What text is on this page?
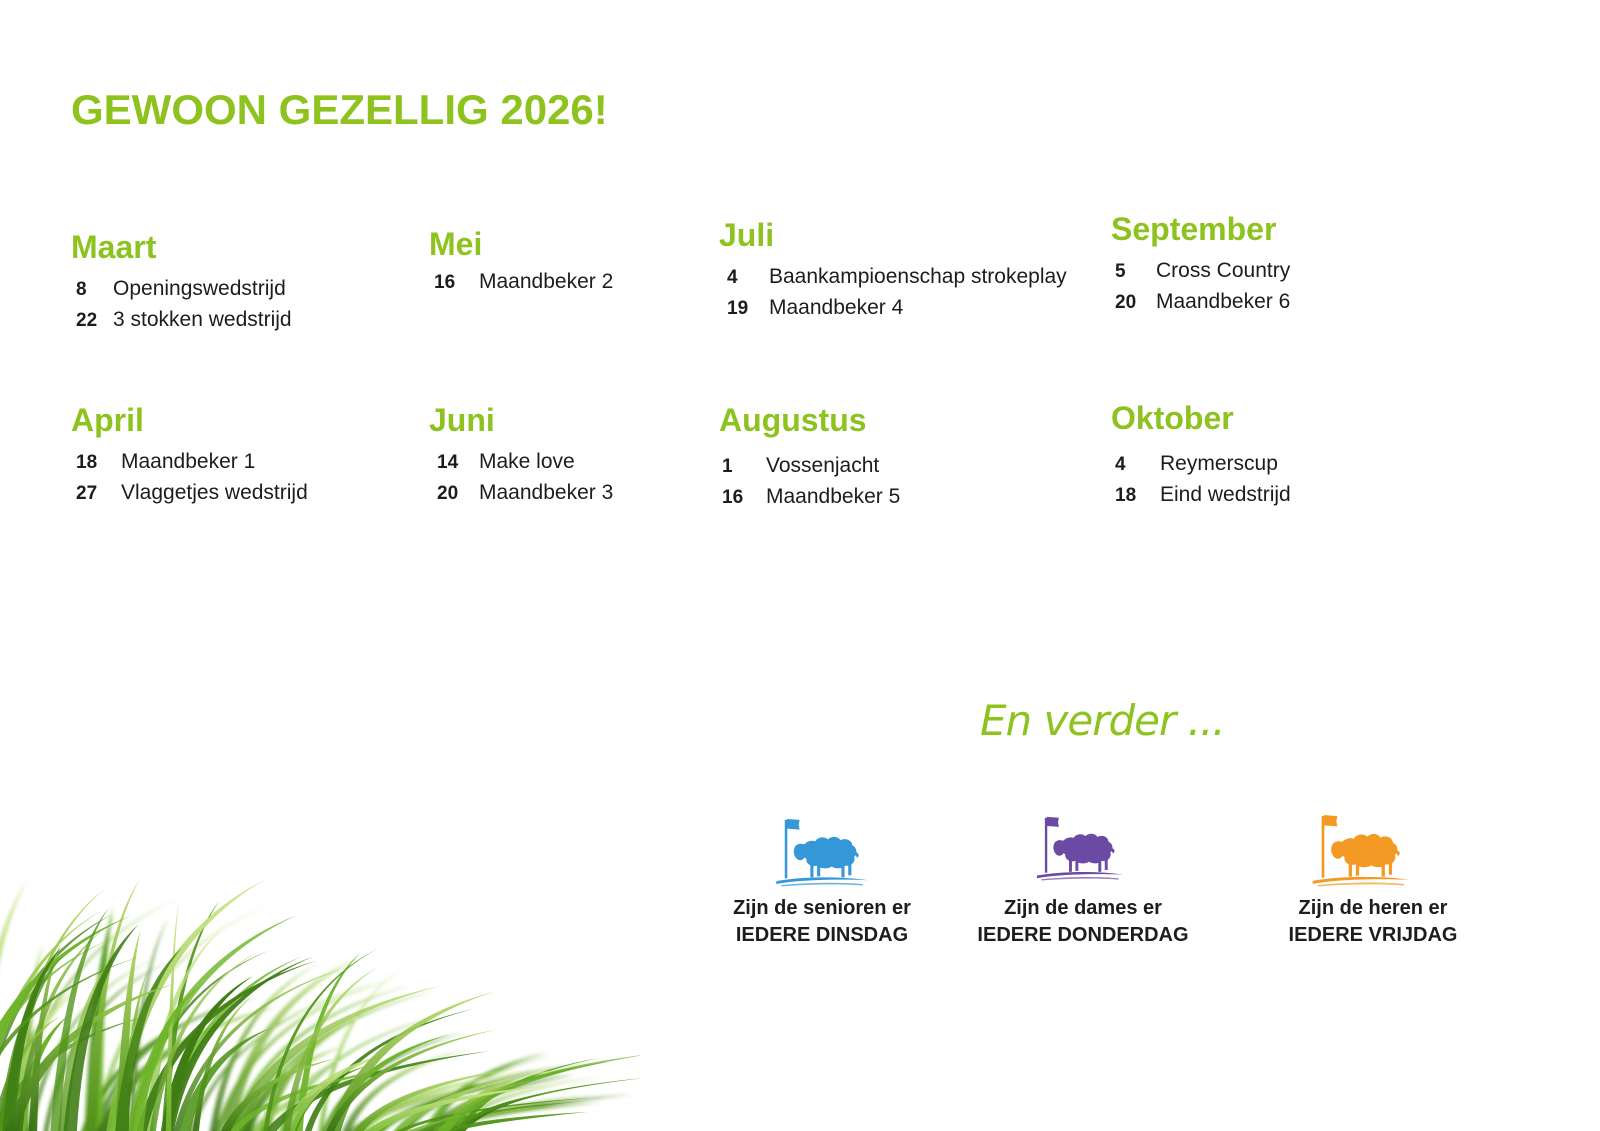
GEWOON GEZELLIG 2026!
Maart
8	Openingswedstrijd
22 3 stokken wedstrijd
April
18	Maandbeker 1
27	Vlaggetjes wedstrijd
Mei
16	Maandbeker 2
Juni
14 Make love
20 Maandbeker 3
Juli
4	Baankampioenschap strokeplay
19 Maandbeker 4
Augustus
1	Vossenjacht
16	Maandbeker 5
September
5	Cross Country
20 Maandbeker 6
Oktober
4	Reymerscup
18	Eind wedstrijd
En verder ...
Zijn de senioren er
IEDERE DINSDAG
Zijn de dames er
IEDERE DONDERDAG
Zijn de heren er
IEDERE VRIJDAG
